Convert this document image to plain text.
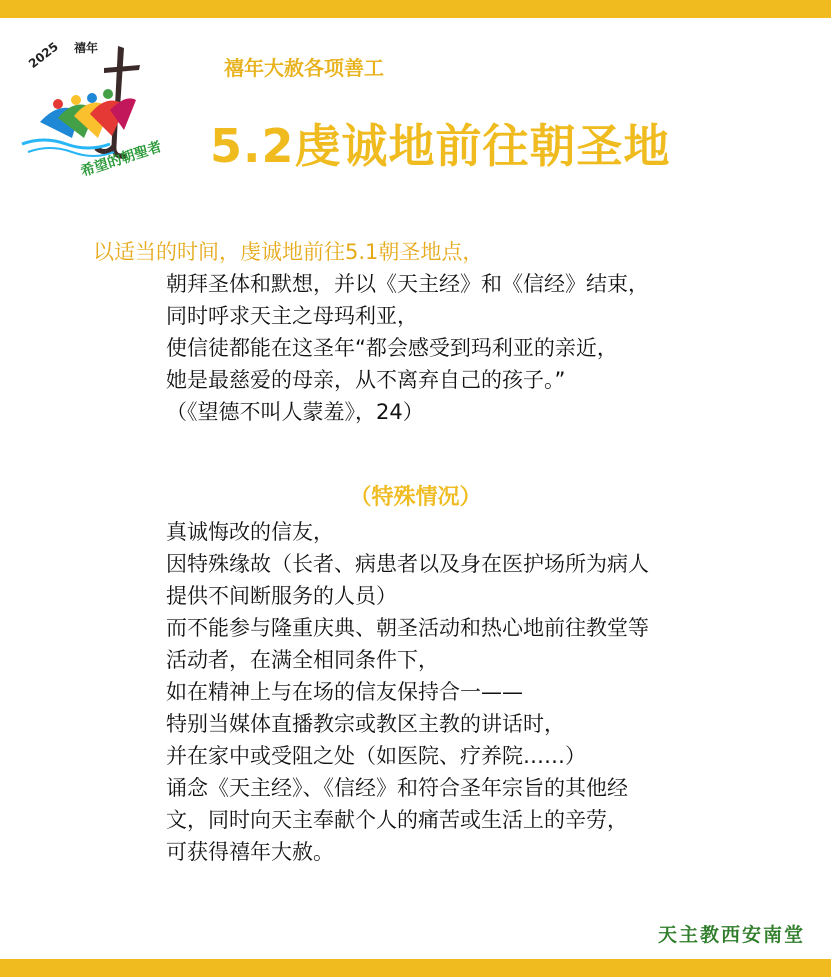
2025 禧年
希望的朝聖者
禧年大赦各项善工
5.2虔诚地前往朝圣地
以适当的时间，虔诚地前往5.1朝圣地点，
朝拜圣体和默想，并以《天主经》和《信经》结束，
同时呼求天主之母玛利亚，
使信徒都能在这圣年“都会感受到玛利亚的亲近，
她是最慈爱的母亲，从不离弃自己的孩子。”
（《望德不叫人蒙羞》，24）
（特殊情况）
真诚悔改的信友，
因特殊缘故（长者、病患者以及身在医护场所为病人
提供不间断服务的人员）
而不能参与隆重庆典、朝圣活动和热心地前往教堂等
活动者，在满全相同条件下，
如在精神上与在场的信友保持合一——
特别当媒体直播教宗或教区主教的讲话时，
并在家中或受阻之处（如医院、疗养院……）
诵念《天主经》、《信经》和符合圣年宗旨的其他经
文，同时向天主奉献个人的痛苦或生活上的辛劳，
可获得禧年大赦。
天主教西安南堂
